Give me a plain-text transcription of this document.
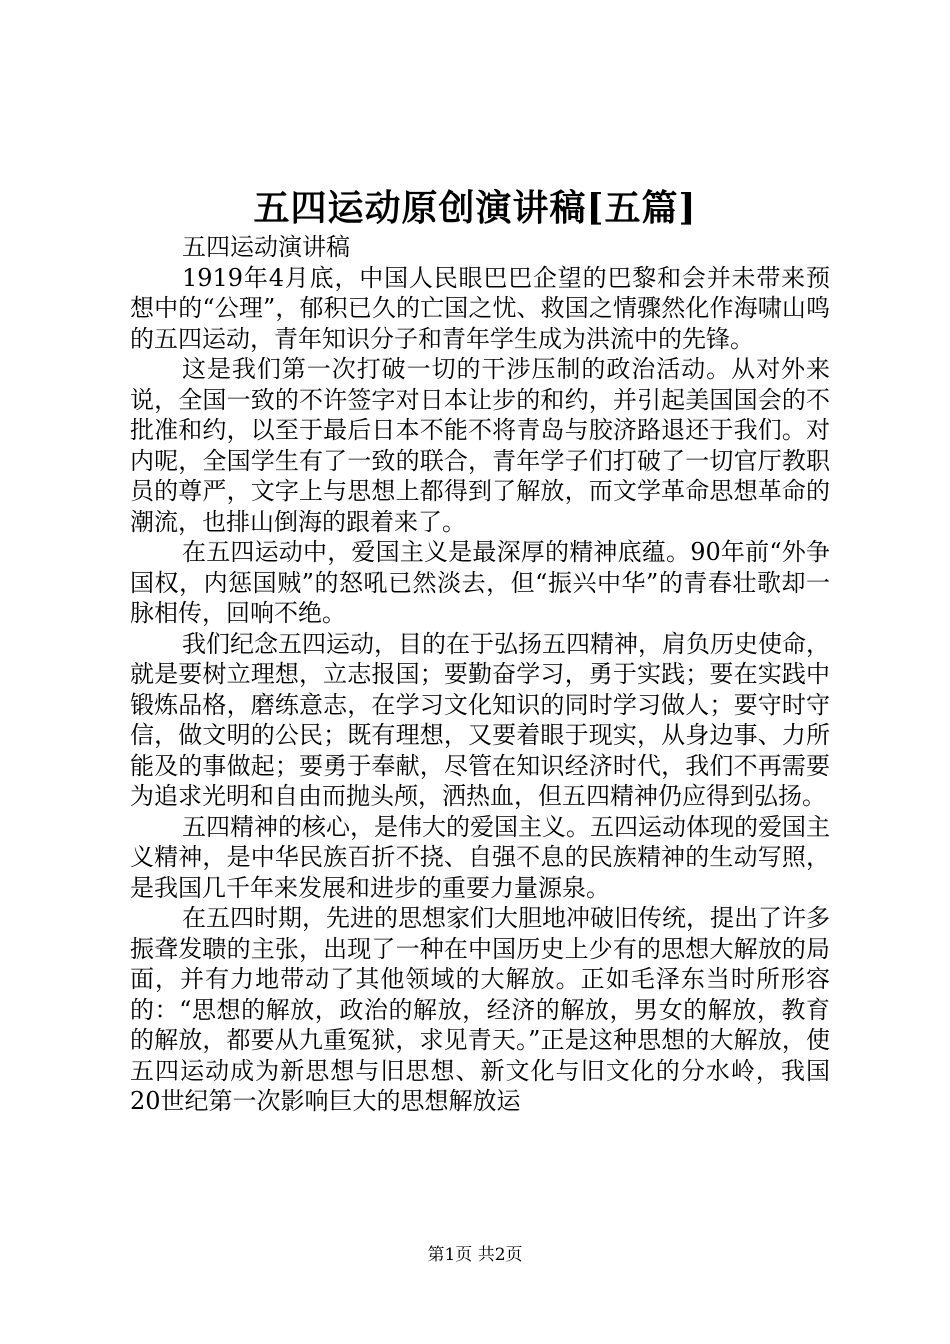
五四运动原创演讲稿[五篇]

五四运动演讲稿

1919年4月底，中国人民眼巴巴企望的巴黎和会并未带来预想中的“公理”，郁积已久的亡国之忧、救国之情骤然化作海啸山鸣的五四运动，青年知识分子和青年学生成为洪流中的先锋。

这是我们第一次打破一切的干涉压制的政治活动。从对外来说，全国一致的不许签字对日本让步的和约，并引起美国国会的不批准和约，以至于最后日本不能不将青岛与胶济路退还于我们。对内呢，全国学生有了一致的联合，青年学子们打破了一切官厅教职员的尊严，文字上与思想上都得到了解放，而文学革命思想革命的潮流，也排山倒海的跟着来了。

在五四运动中，爱国主义是最深厚的精神底蕴。90年前“外争国权，内惩国贼”的怒吼已然淡去，但“振兴中华”的青春壮歌却一脉相传，回响不绝。

我们纪念五四运动，目的在于弘扬五四精神，肩负历史使命，就是要树立理想，立志报国；要勤奋学习，勇于实践；要在实践中锻炼品格，磨练意志，在学习文化知识的同时学习做人；要守时守信，做文明的公民；既有理想，又要着眼于现实，从身边事、力所能及的事做起；要勇于奉献，尽管在知识经济时代，我们不再需要为追求光明和自由而抛头颅，洒热血，但五四精神仍应得到弘扬。

五四精神的核心，是伟大的爱国主义。五四运动体现的爱国主义精神，是中华民族百折不挠、自强不息的民族精神的生动写照，是我国几千年来发展和进步的重要力量源泉。

在五四时期，先进的思想家们大胆地冲破旧传统，提出了许多振聋发聩的主张，出现了一种在中国历史上少有的思想大解放的局面，并有力地带动了其他领域的大解放。正如毛泽东当时所形容的：“思想的解放，政治的解放，经济的解放，男女的解放，教育的解放，都要从九重冤狱，求见青天。”正是这种思想的大解放，使五四运动成为新思想与旧思想、新文化与旧文化的分水岭，我国20世纪第一次影响巨大的思想解放运

第1页 共2页
